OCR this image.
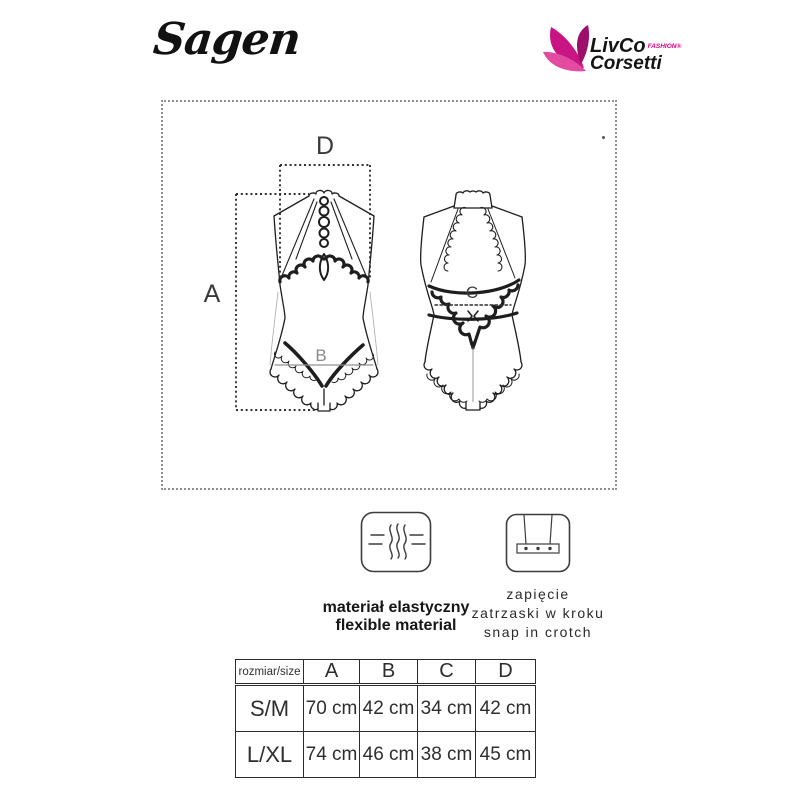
Sagen	LivCo $^{FASHION®}$
Corsetti
D
A
B
C
materiał elastyczny
flexible material
zapięcie
zatrzaski w kroku
snap in crotch
rozmiar/size	A	B	C	D
S/M	70 cm	42 cm	34 cm	42 cm
L/XL	74 cm	46 cm	38 cm	45 cm
